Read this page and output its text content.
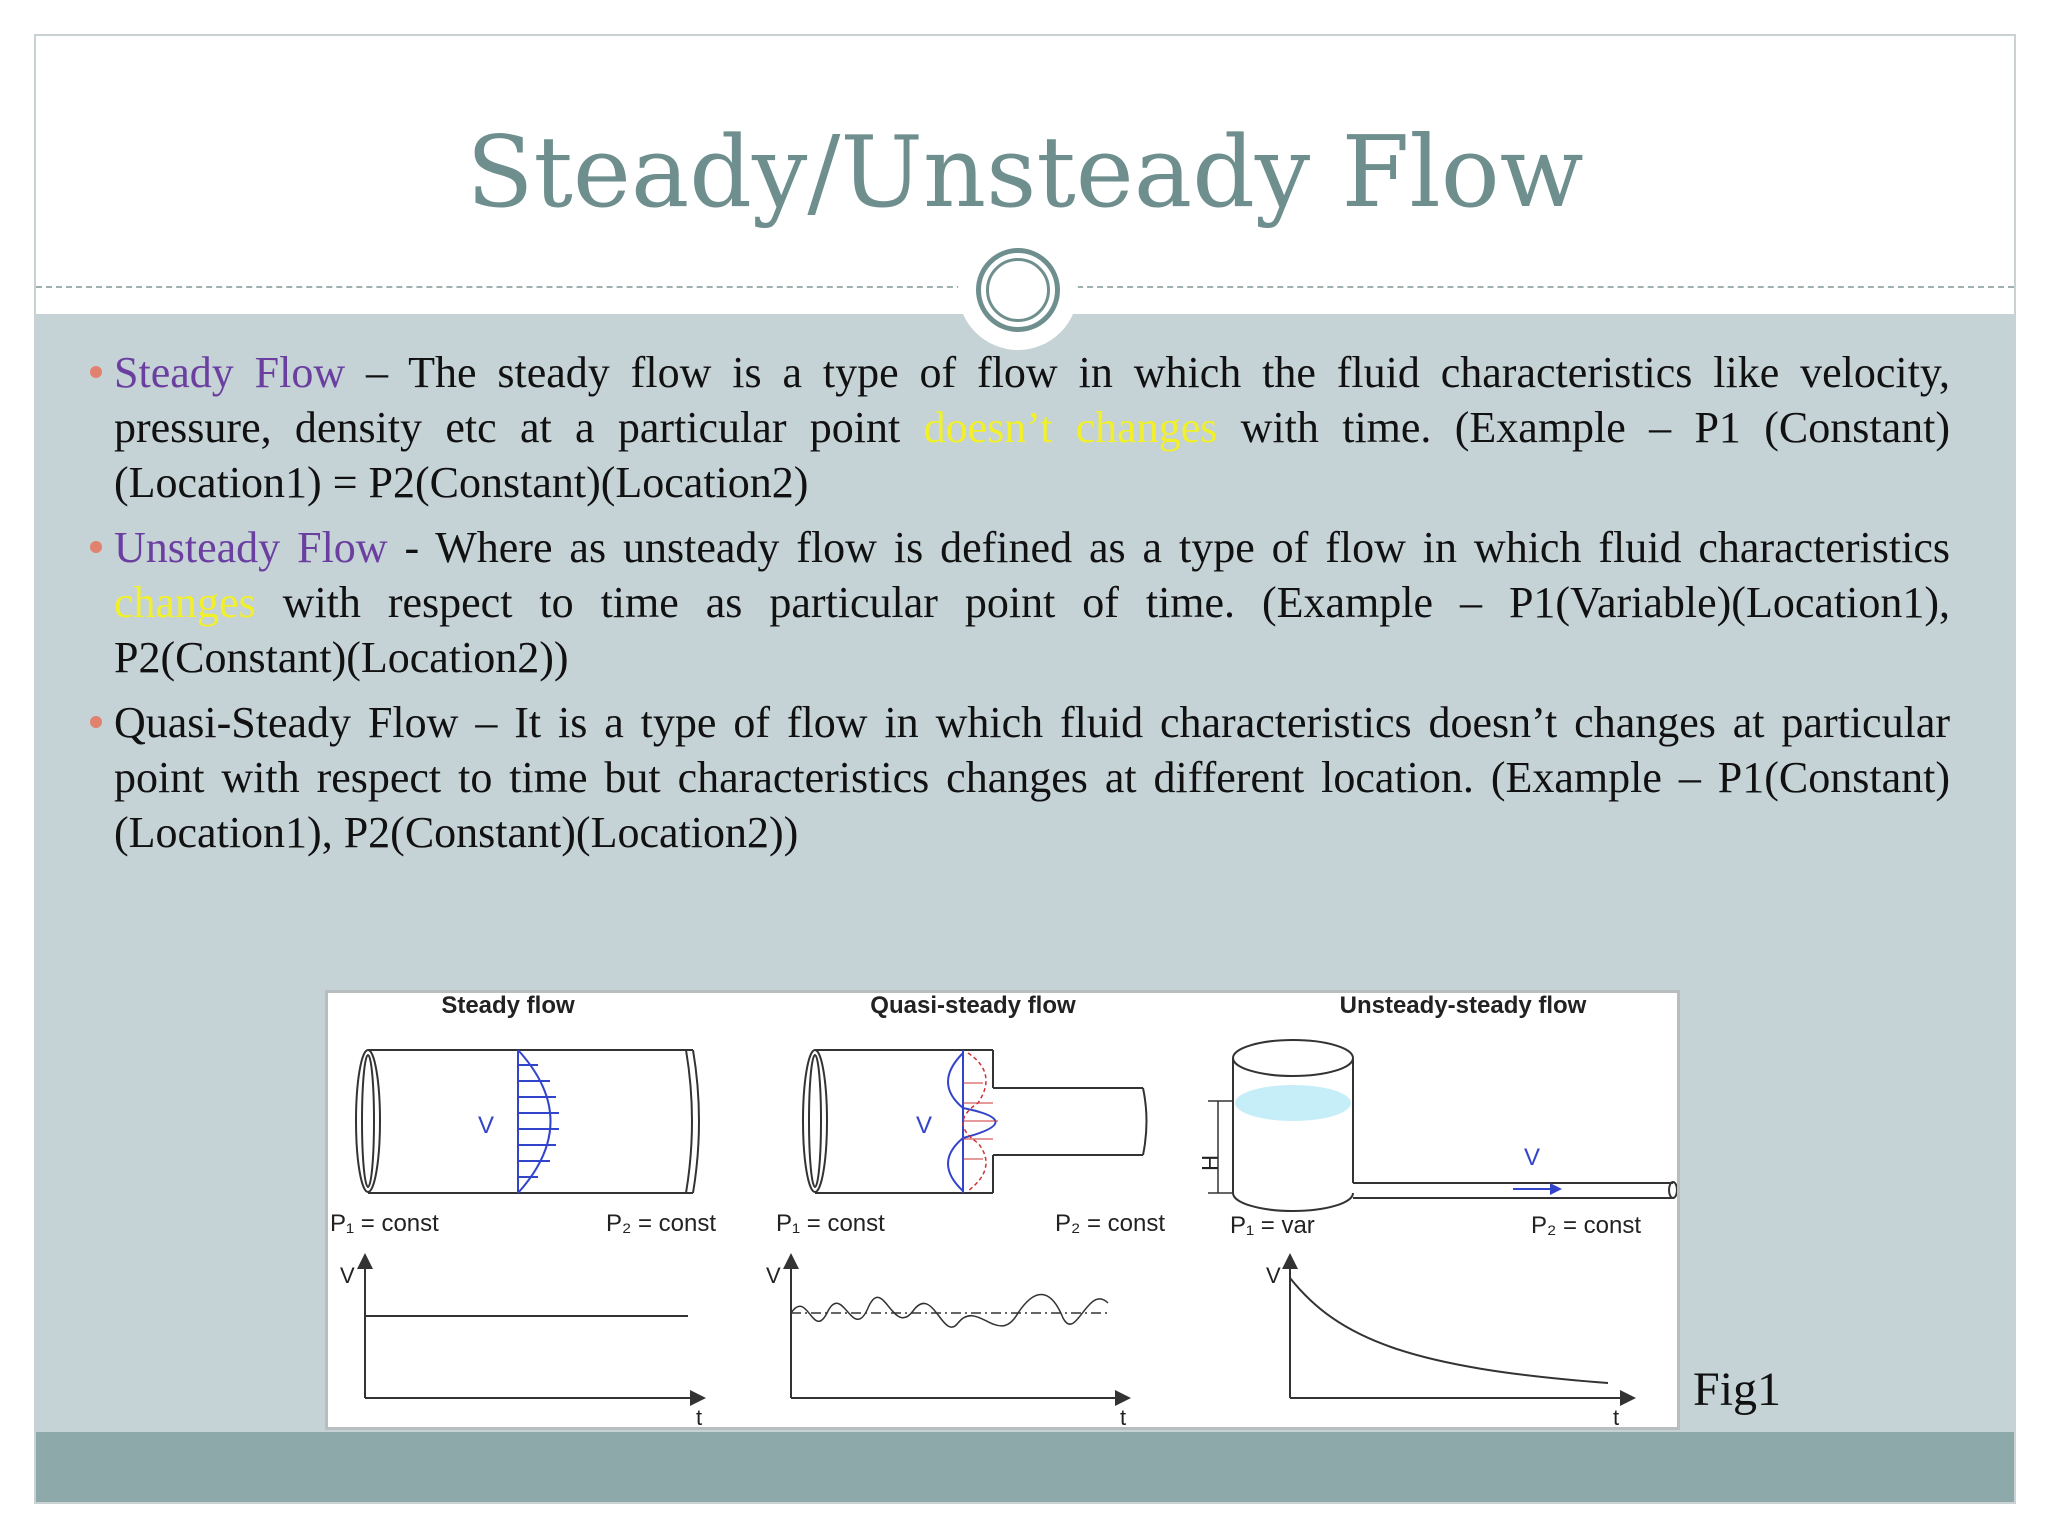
Steady/Unsteady Flow
Steady Flow – The steady flow is a type of flow in which the fluid characteristics like velocity, pressure, density etc at a particular point doesn’t changes with time. (Example – P1 (Constant)(Location1) = P2(Constant)(Location2)
Unsteady Flow - Where as unsteady flow is defined as a type of flow in which fluid characteristics changes with respect to time as particular point of time. (Example – P1(Variable)(Location1), P2(Constant)(Location2))
Quasi-Steady Flow – It is a type of flow in which fluid characteristics doesn’t changes at particular point with respect to time but characteristics changes at different location. (Example – P1(Constant)(Location1), P2(Constant)(Location2))
Steady flow	Quasi-steady flow	Unsteady-steady flow
V
P₁ = const	P₂ = const
V
t
V
P₁ = const	P₂ = const
V
t
H	V
P₁ = var	P₂ = const
V
t
Fig1
